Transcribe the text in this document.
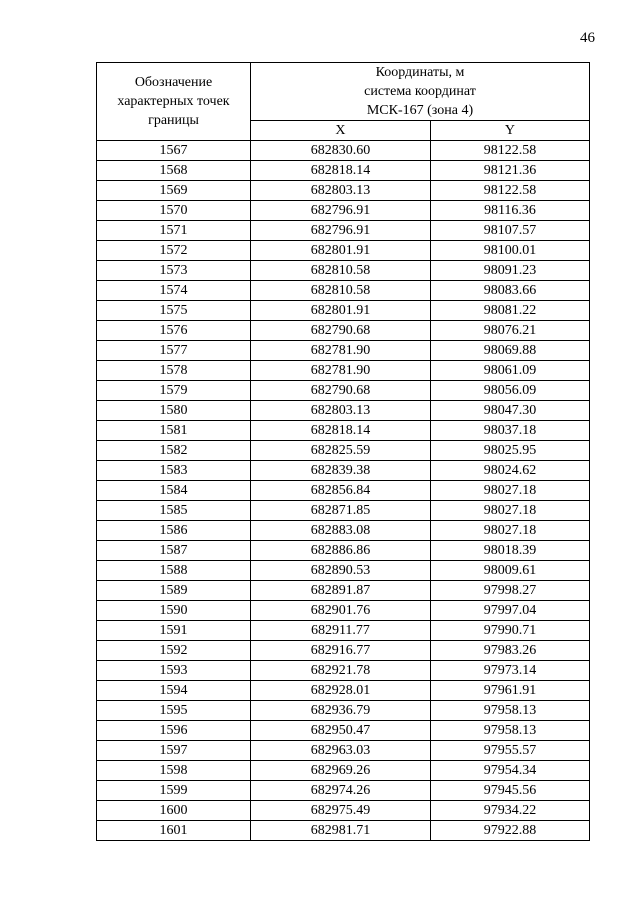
46
Обозначение
характерных точек
границы	Координаты, м
система координат
МСК-167 (зона 4)	

	X	Y
1567	682830.60	98122.58
1568	682818.14	98121.36
1569	682803.13	98122.58
1570	682796.91	98116.36
1571	682796.91	98107.57
1572	682801.91	98100.01
1573	682810.58	98091.23
1574	682810.58	98083.66
1575	682801.91	98081.22
1576	682790.68	98076.21
1577	682781.90	98069.88
1578	682781.90	98061.09
1579	682790.68	98056.09
1580	682803.13	98047.30
1581	682818.14	98037.18
1582	682825.59	98025.95
1583	682839.38	98024.62
1584	682856.84	98027.18
1585	682871.85	98027.18
1586	682883.08	98027.18
1587	682886.86	98018.39
1588	682890.53	98009.61
1589	682891.87	97998.27
1590	682901.76	97997.04
1591	682911.77	97990.71
1592	682916.77	97983.26
1593	682921.78	97973.14
1594	682928.01	97961.91
1595	682936.79	97958.13
1596	682950.47	97958.13
1597	682963.03	97955.57
1598	682969.26	97954.34
1599	682974.26	97945.56
1600	682975.49	97934.22
1601	682981.71	97922.88
